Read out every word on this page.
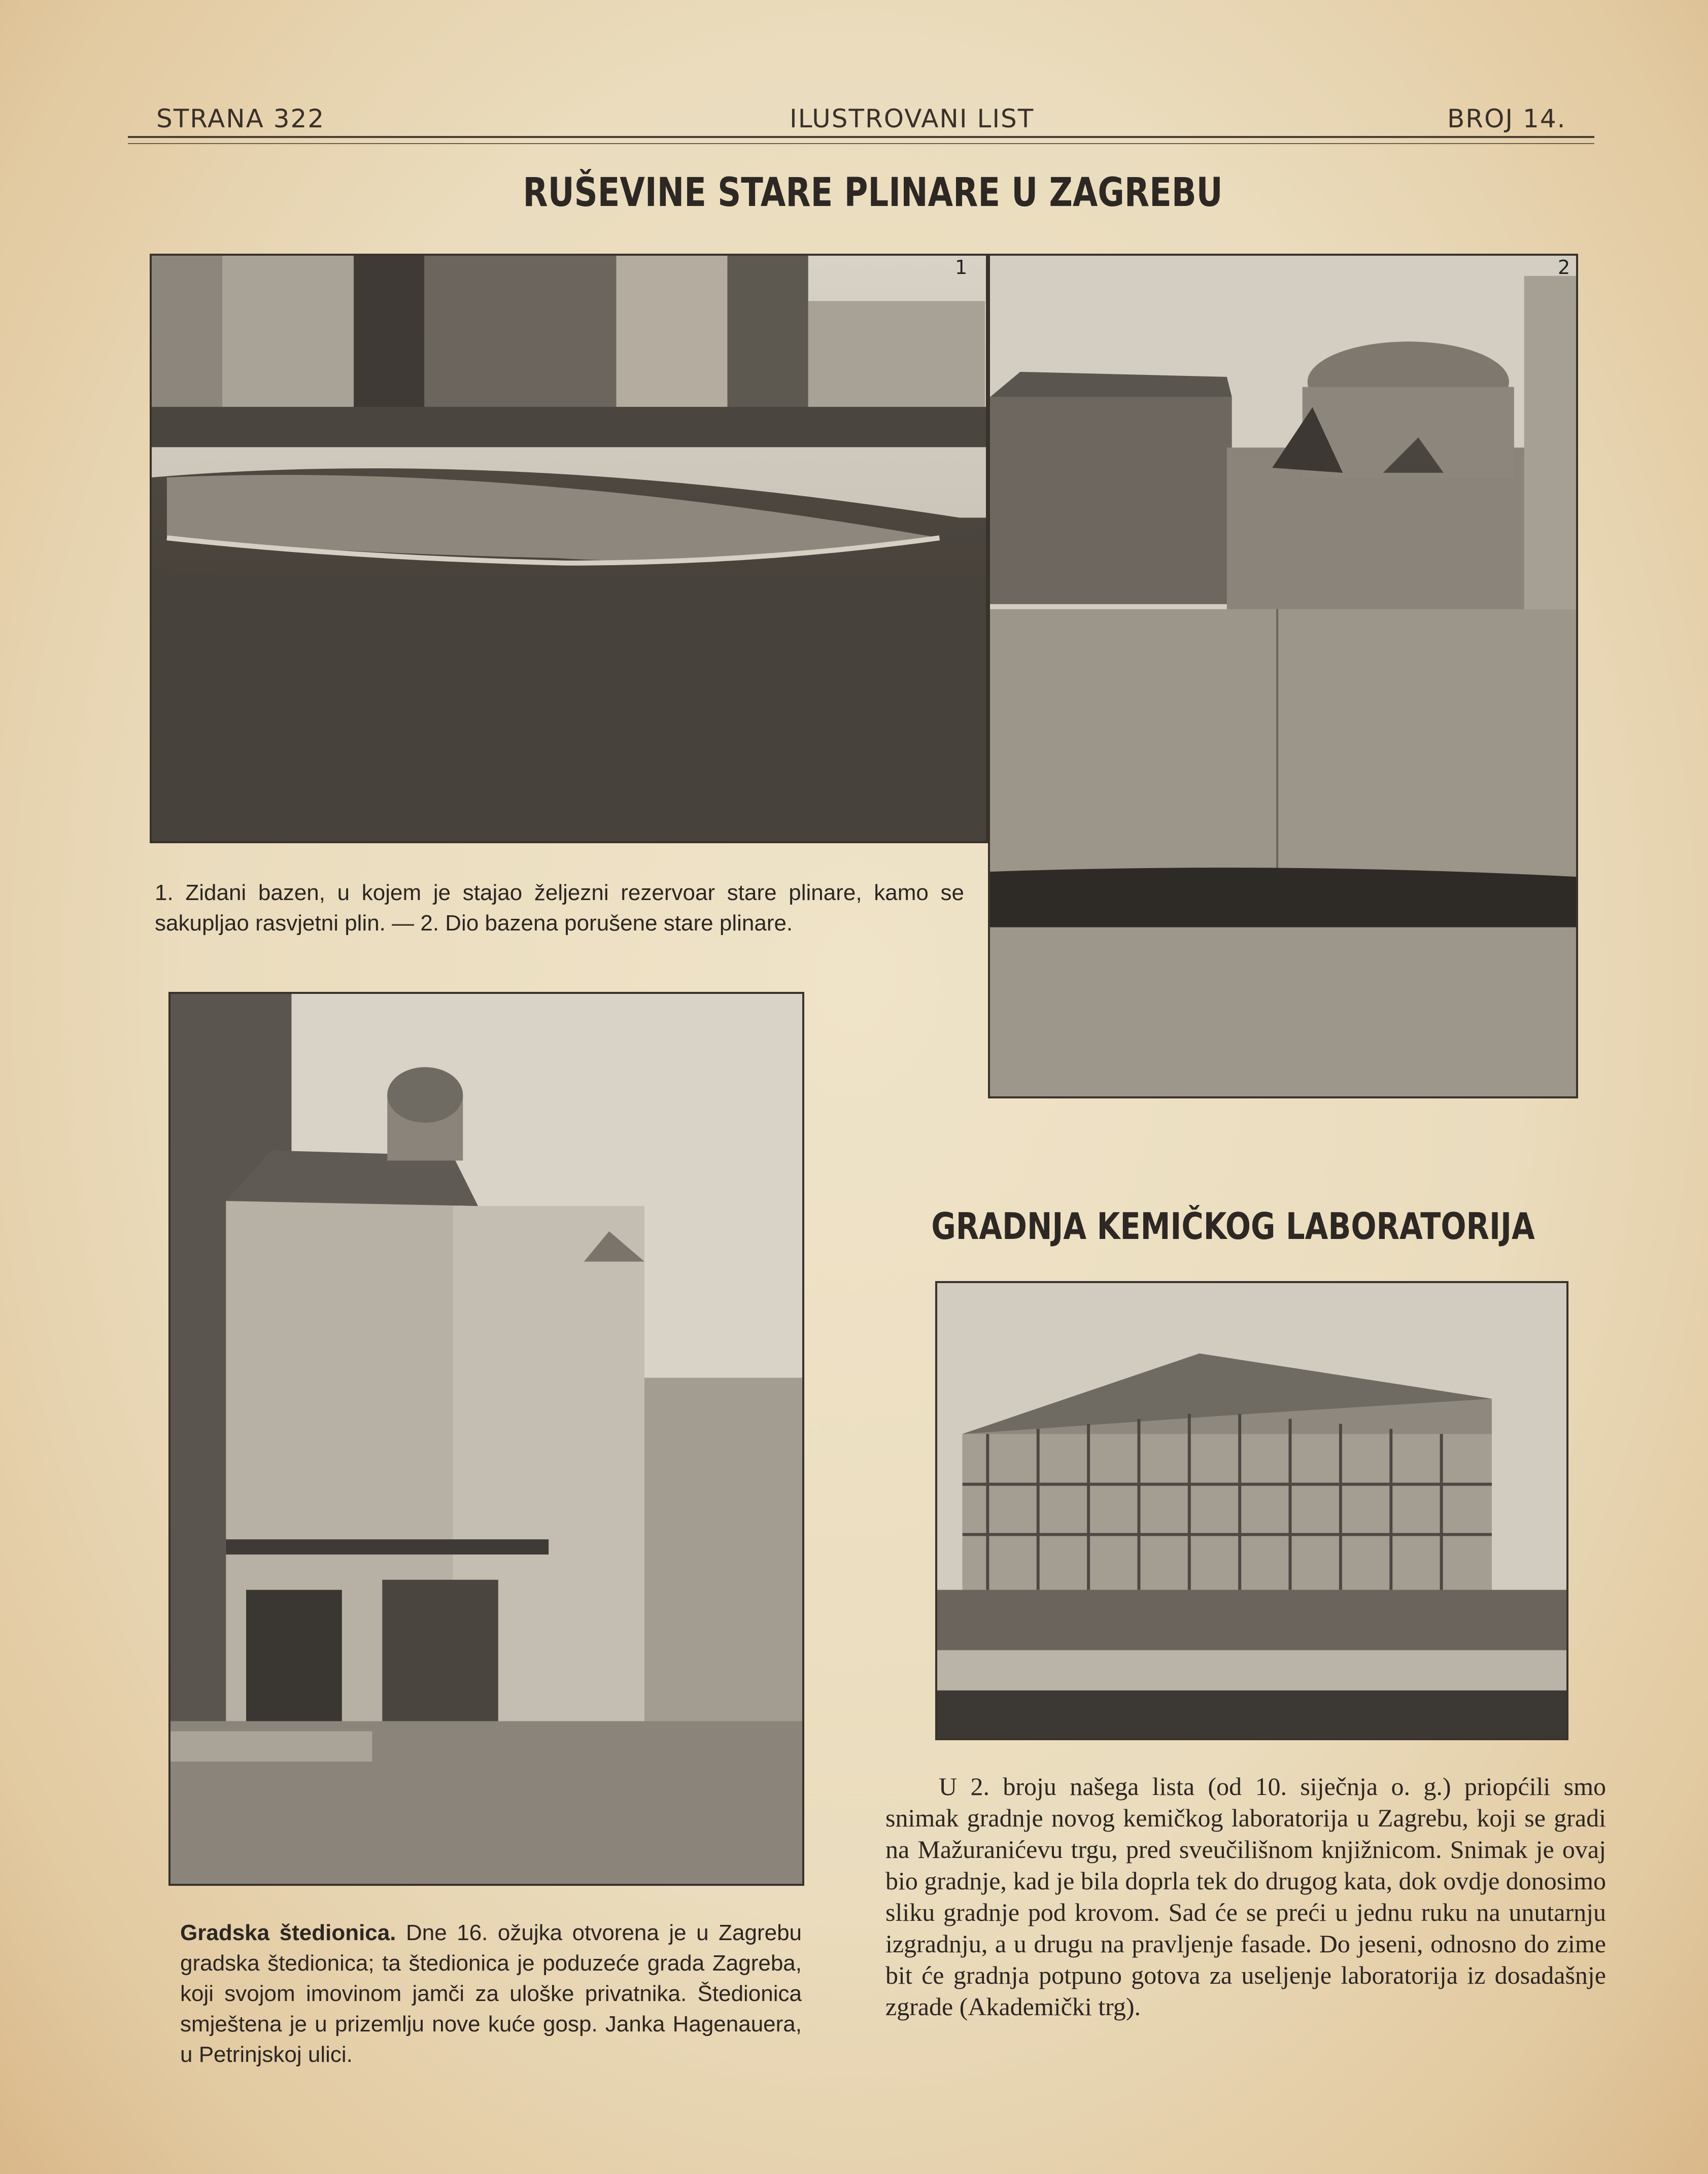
STRANA 322	ILUSTROVANI LIST	BROJ 14.
RUŠEVINE STARE PLINARE U ZAGREBU
1	2
1. Zidani bazen, u kojem je stajao željezni rezervoar stare plinare, kamo se sakupljao rasvjetni plin. — 2. Dio bazena porušene stare plinare.
Gradska štedionica. Dne 16. ožujka otvorena je u Zagrebu gradska štedionica; ta štedionica je poduzeće grada Zagreba, koji svojom imovinom jamči za uloške privatnika. Štedionica smještena je u prizemlju nove kuće gosp. Janka Hagenauera, u Petrinjskoj ulici.
GRADNJA KEMIČKOG LABORATORIJA
U 2. broju našega lista (od 10. siječnja o. g.) priopćili smo snimak gradnje novog kemičkog laboratorija u Zagrebu, koji se gradi na Mažuranićevu trgu, pred sveučilišnom knjižnicom. Snimak je ovaj bio gradnje, kad je bila doprla tek do drugog kata, dok ovdje donosimo sliku gradnje pod krovom. Sad će se preći u jednu ruku na unutarnju izgradnju, a u drugu na pravljenje fasade. Do jeseni, odnosno do zime bit će gradnja potpuno gotova za useljenje laboratorija iz dosadašnje zgrade (Akademički trg).
